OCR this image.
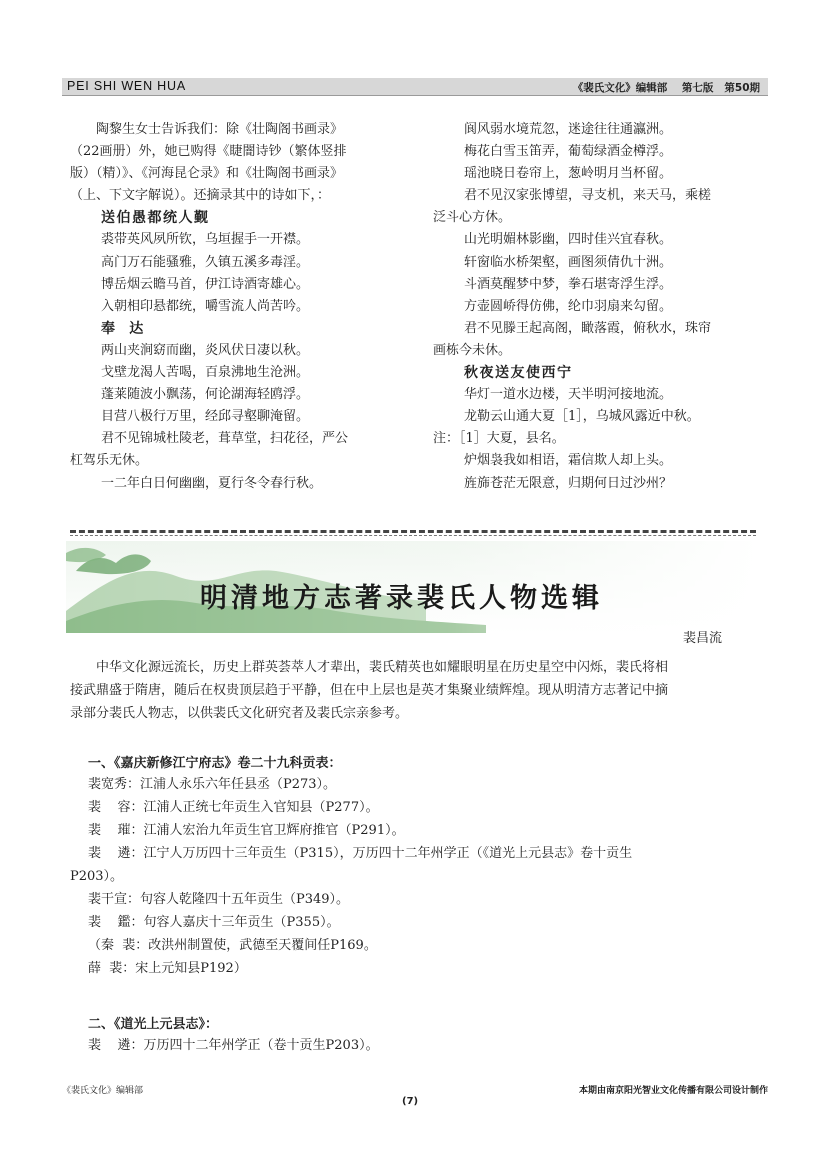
PEI SHI WEN HUA	《裴氏文化》编辑部    第七版   第50期

陶黎生女士告诉我们：除《壮陶阁书画录》

（22画册）外，她已购得《睫闇诗钞（繁体竖排

版）（精）》、《河海昆仑录》和《壮陶阁书画录》

（上、下文字解说）。还摘录其中的诗如下，：

送伯愚都统人觐

裘带英风夙所钦，乌垣握手一开襟。

高门万石能骚雅，久镇五溪多毒淫。

博岳烟云瞻马首，伊江诗酒寄雄心。

入朝相印悬都统，嚼雪流人尚苦吟。

奉  达

两山夹涧窈而幽，炎风伏日凄以秋。

戈壁龙渴人苦喝，百泉沸地生沧洲。

蓬莱随波小飘荡，何论湖海轻鸥浮。

目营八极行万里，经邱寻壑聊淹留。

君不见锦城杜陵老，葺草堂，扫花径，严公

杠驾乐无休。

一二年白日何幽幽，夏行冬令春行秋。

阆风弱水境荒忽，迷途往往通瀛洲。

梅花白雪玉笛弄，葡萄绿酒金樽浮。

瑶池晓日卷帘上，葱岭明月当杯留。

君不见汉家张博望，寻支机，来天马，乘槎

泛斗心方休。

山光明媚林影幽，四时佳兴宜春秋。

轩窗临水桥架壑，画图须倩仇十洲。

斗酒莫醒梦中梦，拳石堪寄浮生浮。

方壶圆峤得仿佛，纶巾羽扇来勾留。

君不见滕王起高阁，瞰落霞，俯秋水，珠帘

画栋今未休。

秋夜送友使西宁

华灯一道水边楼，天半明河接地流。

龙勒云山通大夏［1］，乌城风露近中秋。

注：［1］大夏，县名。

炉烟袅我如相语，霜信欺人却上头。

旌旆苍茫无限意，归期何日过沙州？

明清地方志著录裴氏人物选辑
裴昌流

中华文化源远流长，历史上群英荟萃人才辈出，裴氏精英也如耀眼明星在历史星空中闪烁，裴氏将相

接武鼎盛于隋唐，随后在权贵顶层趋于平静，但在中上层也是英才集聚业绩辉煌。现从明清方志著记中摘

录部分裴氏人物志，以供裴氏文化研究者及裴氏宗亲参考。

一、《嘉庆新修江宁府志》卷二十九科贡表：

裴宽秀：江浦人永乐六年任县丞（P273）。

裴    容：江浦人正统七年贡生入官知县（P277）。

裴    璀：江浦人宏治九年贡生官卫辉府推官（P291）。

裴    遴：江宁人万历四十三年贡生（P315），万历四十二年州学正（《道光上元县志》卷十贡生

P203）。

裴干宣：句容人乾隆四十五年贡生（P349）。

裴    鑑：句容人嘉庆十三年贡生（P355）。

（秦  裴：改洪州制置使，武德至天覆间任P169。

薛  裴：宋上元知县P192）

二、《道光上元县志》：

裴    遴：万历四十二年州学正（卷十贡生P203）。

《裴氏文化》编辑部	本期由南京阳光智业文化传播有限公司设计制作
(7)
